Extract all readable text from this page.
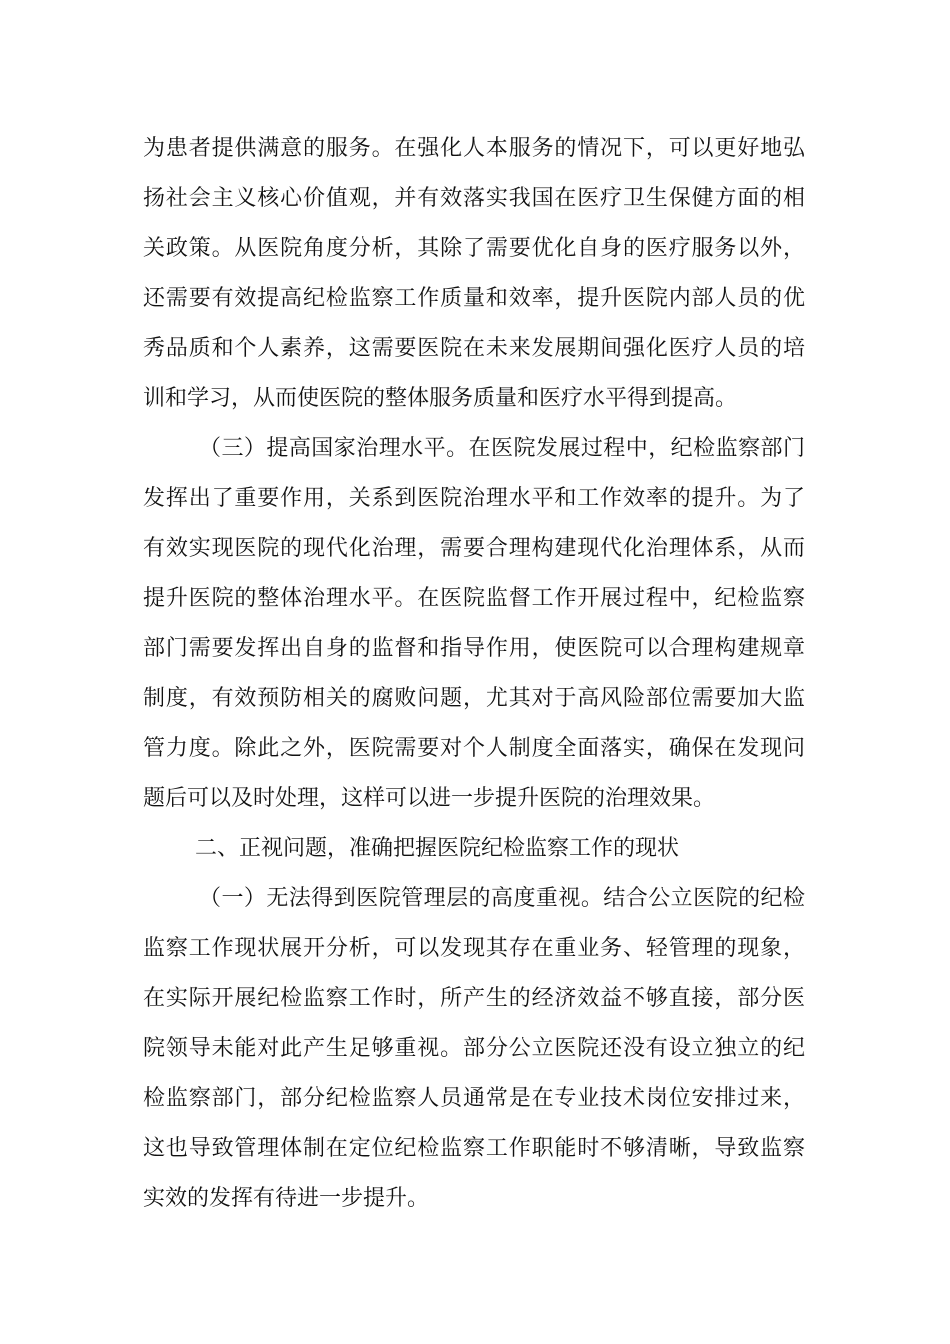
为患者提供满意的服务。在强化人本服务的情况下，可以更好地弘
扬社会主义核心价值观，并有效落实我国在医疗卫生保健方面的相
关政策。从医院角度分析，其除了需要优化自身的医疗服务以外，
还需要有效提高纪检监察工作质量和效率，提升医院内部人员的优
秀品质和个人素养，这需要医院在未来发展期间强化医疗人员的培
训和学习，从而使医院的整体服务质量和医疗水平得到提高。
（三）提高国家治理水平。在医院发展过程中，纪检监察部门
发挥出了重要作用，关系到医院治理水平和工作效率的提升。为了
有效实现医院的现代化治理，需要合理构建现代化治理体系，从而
提升医院的整体治理水平。在医院监督工作开展过程中，纪检监察
部门需要发挥出自身的监督和指导作用，使医院可以合理构建规章
制度，有效预防相关的腐败问题，尤其对于高风险部位需要加大监
管力度。除此之外，医院需要对个人制度全面落实，确保在发现问
题后可以及时处理，这样可以进一步提升医院的治理效果。
二、正视问题，准确把握医院纪检监察工作的现状
（一）无法得到医院管理层的高度重视。结合公立医院的纪检
监察工作现状展开分析，可以发现其存在重业务、轻管理的现象，
在实际开展纪检监察工作时，所产生的经济效益不够直接，部分医
院领导未能对此产生足够重视。部分公立医院还没有设立独立的纪
检监察部门，部分纪检监察人员通常是在专业技术岗位安排过来，
这也导致管理体制在定位纪检监察工作职能时不够清晰，导致监察
实效的发挥有待进一步提升。
